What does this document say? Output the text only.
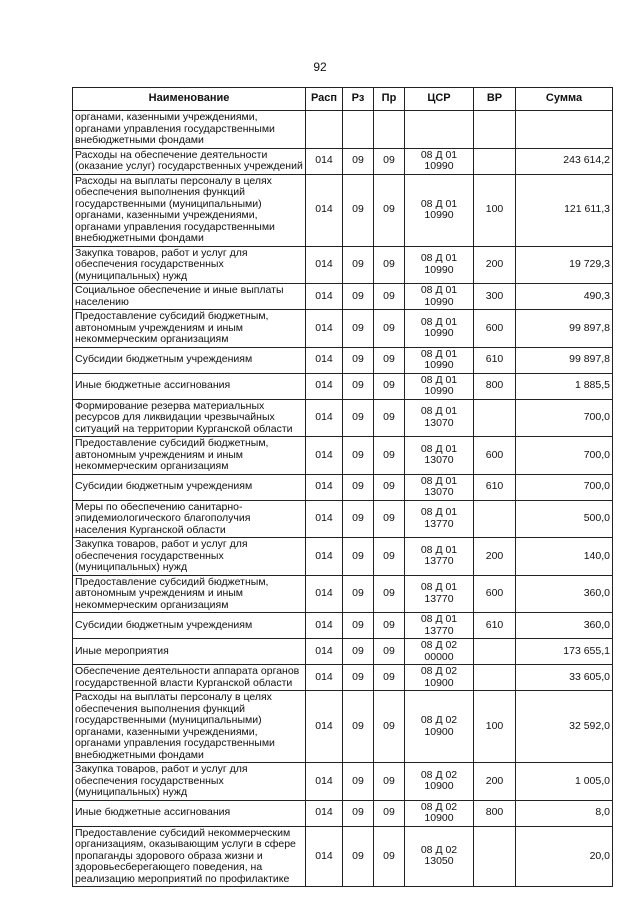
92
Наименование	Расп	Рз	Пр	ЦСР	ВР	Сумма
органами, казенными учреждениями, органами управления государственными внебюджетными фондами						
Расходы на обеспечение деятельности (оказание услуг) государственных учреждений	014	09	09	08 Д 01 10990		243 614,2
Расходы на выплаты персоналу в целях обеспечения выполнения функций государственными (муниципальными) органами, казенными учреждениями, органами управления государственными внебюджетными фондами	014	09	09	08 Д 01 10990	100	121 611,3
Закупка товаров, работ и услуг для обеспечения государственных (муниципальных) нужд	014	09	09	08 Д 01 10990	200	19 729,3
Социальное обеспечение и иные выплаты населению	014	09	09	08 Д 01 10990	300	490,3
Предоставление субсидий бюджетным, автономным учреждениям и иным некоммерческим организациям	014	09	09	08 Д 01 10990	600	99 897,8
Субсидии бюджетным учреждениям	014	09	09	08 Д 01 10990	610	99 897,8
Иные бюджетные ассигнования	014	09	09	08 Д 01 10990	800	1 885,5
Формирование резерва материальных ресурсов для ликвидации чрезвычайных ситуаций на территории Курганской области	014	09	09	08 Д 01 13070		700,0
Предоставление субсидий бюджетным, автономным учреждениям и иным некоммерческим организациям	014	09	09	08 Д 01 13070	600	700,0
Субсидии бюджетным учреждениям	014	09	09	08 Д 01 13070	610	700,0
Меры по обеспечению санитарно-эпидемиологического благополучия населения Курганской области	014	09	09	08 Д 01 13770		500,0
Закупка товаров, работ и услуг для обеспечения государственных (муниципальных) нужд	014	09	09	08 Д 01 13770	200	140,0
Предоставление субсидий бюджетным, автономным учреждениям и иным некоммерческим организациям	014	09	09	08 Д 01 13770	600	360,0
Субсидии бюджетным учреждениям	014	09	09	08 Д 01 13770	610	360,0
Иные мероприятия	014	09	09	08 Д 02 00000		173 655,1
Обеспечение деятельности аппарата органов государственной власти Курганской области	014	09	09	08 Д 02 10900		33 605,0
Расходы на выплаты персоналу в целях обеспечения выполнения функций государственными (муниципальными) органами, казенными учреждениями, органами управления государственными внебюджетными фондами	014	09	09	08 Д 02 10900	100	32 592,0
Закупка товаров, работ и услуг для обеспечения государственных (муниципальных) нужд	014	09	09	08 Д 02 10900	200	1 005,0
Иные бюджетные ассигнования	014	09	09	08 Д 02 10900	800	8,0
Предоставление субсидий некоммерческим организациям, оказывающим услуги в сфере пропаганды здорового образа жизни и здоровьесберегающего поведения, на реализацию мероприятий по профилактике	014	09	09	08 Д 02 13050		20,0
